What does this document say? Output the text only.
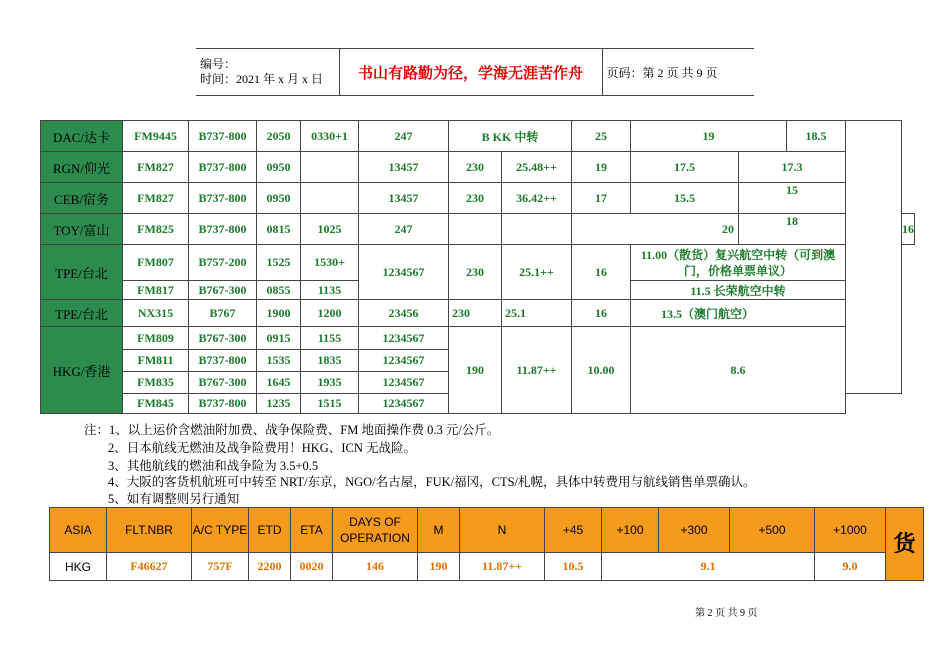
编号：
时间：2021 年 x 月 x 日	书山有路勤为径，学海无涯苦作舟	页码：第 2 页 共 9 页
DAC/达卡	FM9445	B737-800	2050	0330+1	247	B KK 中转		25	19		18.5		
RGN/仰光	FM827	B737-800	0950		13457	230	25.48++	19	17.5	17.3			
CEB/宿务	FM827	B737-800	0950		13457	230	36.42++	17	15.5	15			
TOY/富山	FM825	B737-800	0815	1025	247			20		18			16
TPE/台北	FM807	B757-200	1525	1530+	1234567	230	25.1++	16	11.00（散货）复兴航空中转（可到澳门，价格单票单议）				
	FM817	B767-300	0855	1135					11.5 长荣航空中转				
TPE/台北	NX315	B767	1900	1200	23456	230	25.1	16	13.5（澳门航空）				
HKG/香港	FM809	B767-300	0915	1155	1234567	190	11.87++	10.00	8.6				
	FM811	B737-800	1535	1835	1234567								
	FM835	B767-300	1645	1935	1234567								
	FM845	B737-800	1235	1515	1234567								
注：1、以上运价含燃油附加费、战争保险费、FM 地面操作费 0.3 元/公斤。
2、日本航线无燃油及战争险费用！HKG、ICN 无战险。
3、其他航线的燃油和战争险为 3.5+0.5
4、大阪的客货机航班可中转至 NRT/东京，NGO/名古屋，FUK/福冈，CTS/札幌，具体中转费用与航线销售单票确认。
5、如有调整则另行通知
ASIA	FLT.NBR	A/C TYPE	ETD	ETA	DAYS OF OPERATION	M	N	+45	+100	+300	+500	+1000	货
HKG	F46627	757F	2200	0020	146	190	11.87++	10.5	9.1			9.0	
第 2 页 共 9 页
